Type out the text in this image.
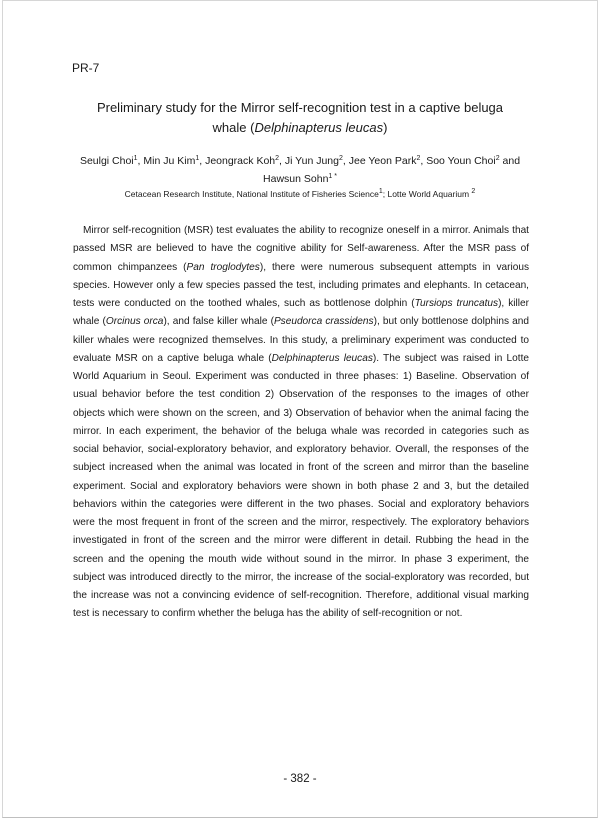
PR-7
Preliminary study for the Mirror self-recognition test in a captive beluga
whale (Delphinapterus leucas)
Seulgi Choi$^1$, Min Ju Kim$^1$, Jeongrack Koh$^2$, Ji Yun Jung$^2$, Jee Yeon Park$^2$, Soo Youn Choi$^2$ and
Hawsun Sohn$^{1 *}$
Cetacean Research Institute, National Institute of Fisheries Science$^1$; Lotte World Aquarium $^2$

Mirror self-recognition (MSR) test evaluates the ability to recognize oneself in a mirror. Animals that passed MSR are believed to have the cognitive ability for Self-awareness. After the MSR pass of common chimpanzees (Pan troglodytes), there were numerous subsequent attempts in various species. However only a few species passed the test, including primates and elephants. In cetacean, tests were conducted on the toothed whales, such as bottlenose dolphin (Tursiops truncatus), killer whale (Orcinus orca), and false killer whale (Pseudorca crassidens), but only bottlenose dolphins and killer whales were recognized themselves. In this study, a preliminary experiment was conducted to evaluate MSR on a captive beluga whale (Delphinapterus leucas). The subject was raised in Lotte World Aquarium in Seoul. Experiment was conducted in three phases: 1) Baseline. Observation of usual behavior before the test condition 2) Observation of the responses to the images of other objects which were shown on the screen, and 3) Observation of behavior when the animal facing the mirror. In each experiment, the behavior of the beluga whale was recorded in categories such as social behavior, social-exploratory behavior, and exploratory behavior. Overall, the responses of the subject increased when the animal was located in front of the screen and mirror than the baseline experiment. Social and exploratory behaviors were shown in both phase 2 and 3, but the detailed behaviors within the categories were different in the two phases. Social and exploratory behaviors were the most frequent in front of the screen and the mirror, respectively. The exploratory behaviors investigated in front of the screen and the mirror were different in detail. Rubbing the head in the screen and the opening the mouth wide without sound in the mirror. In phase 3 experiment, the subject was introduced directly to the mirror, the increase of the social-exploratory was recorded, but the increase was not a convincing evidence of self-recognition. Therefore, additional visual marking test is necessary to confirm whether the beluga has the ability of self-recognition or not.

- 382 -
